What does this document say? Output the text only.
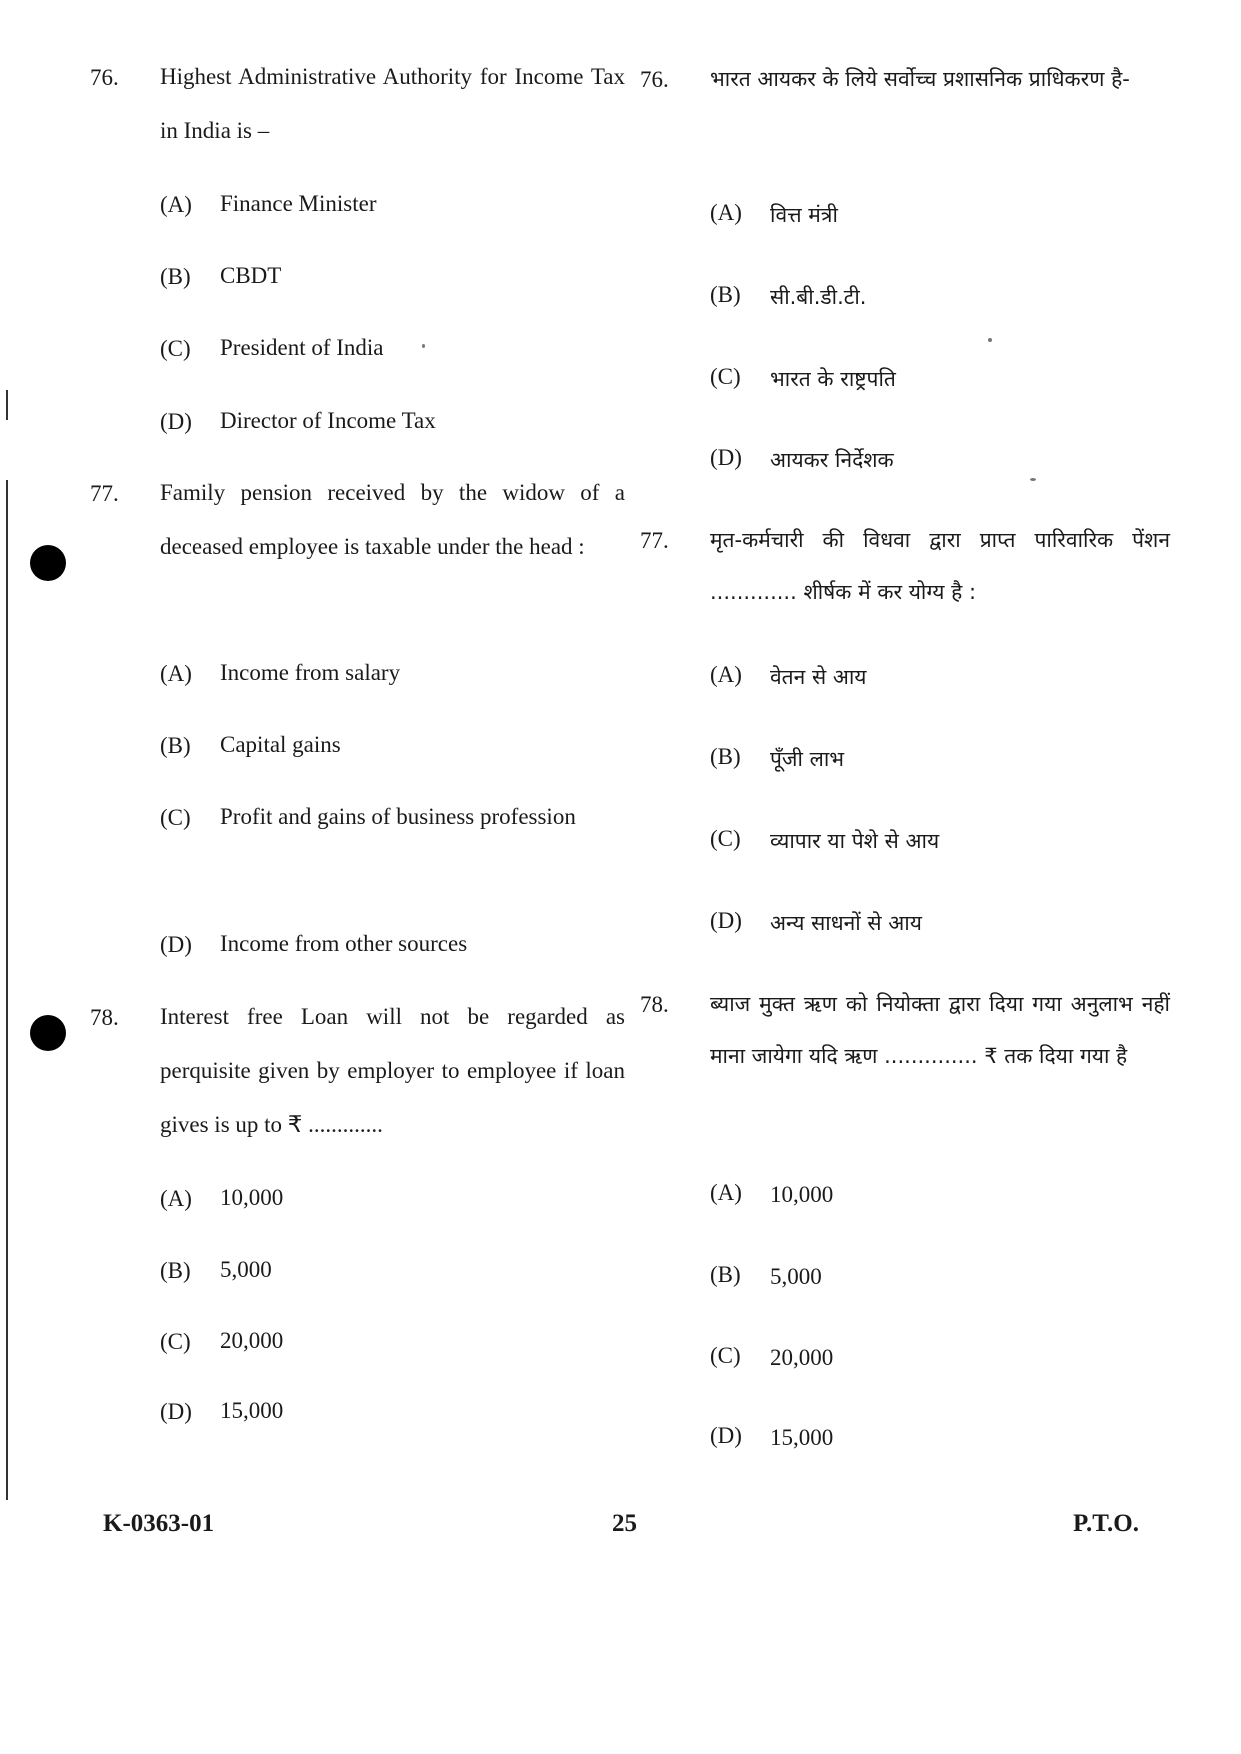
76. Highest Administrative Authority for Income Tax in India is –
(A) Finance Minister
(B) CBDT
(C) President of India
(D) Director of Income Tax
77. Family pension received by the widow of a deceased employee is taxable under the head :
(A) Income from salary
(B) Capital gains
(C) Profit and gains of business profession
(D) Income from other sources
78. Interest free Loan will not be regarded as perquisite given by employer to employee if loan gives is up to ₹ .............
(A) 10,000
(B) 5,000
(C) 20,000
(D) 15,000
76. भारत आयकर के लिये सर्वोच्च प्रशासनिक प्राधिकरण है-
(A) वित्त मंत्री
(B) सी.बी.डी.टी.
(C) भारत के राष्ट्रपति
(D) आयकर निर्देशक
77. मृत-कर्मचारी की विधवा द्वारा प्राप्त पारिवारिक पेंशन ............. शीर्षक में कर योग्य है :
(A) वेतन से आय
(B) पूँजी लाभ
(C) व्यापार या पेशे से आय
(D) अन्य साधनों से आय
78. ब्याज मुक्त ऋण को नियोक्ता द्वारा दिया गया अनुलाभ नहीं माना जायेगा यदि ऋण .............. ₹ तक दिया गया है
(A) 10,000
(B) 5,000
(C) 20,000
(D) 15,000
K-0363-01	25	P.T.O.
